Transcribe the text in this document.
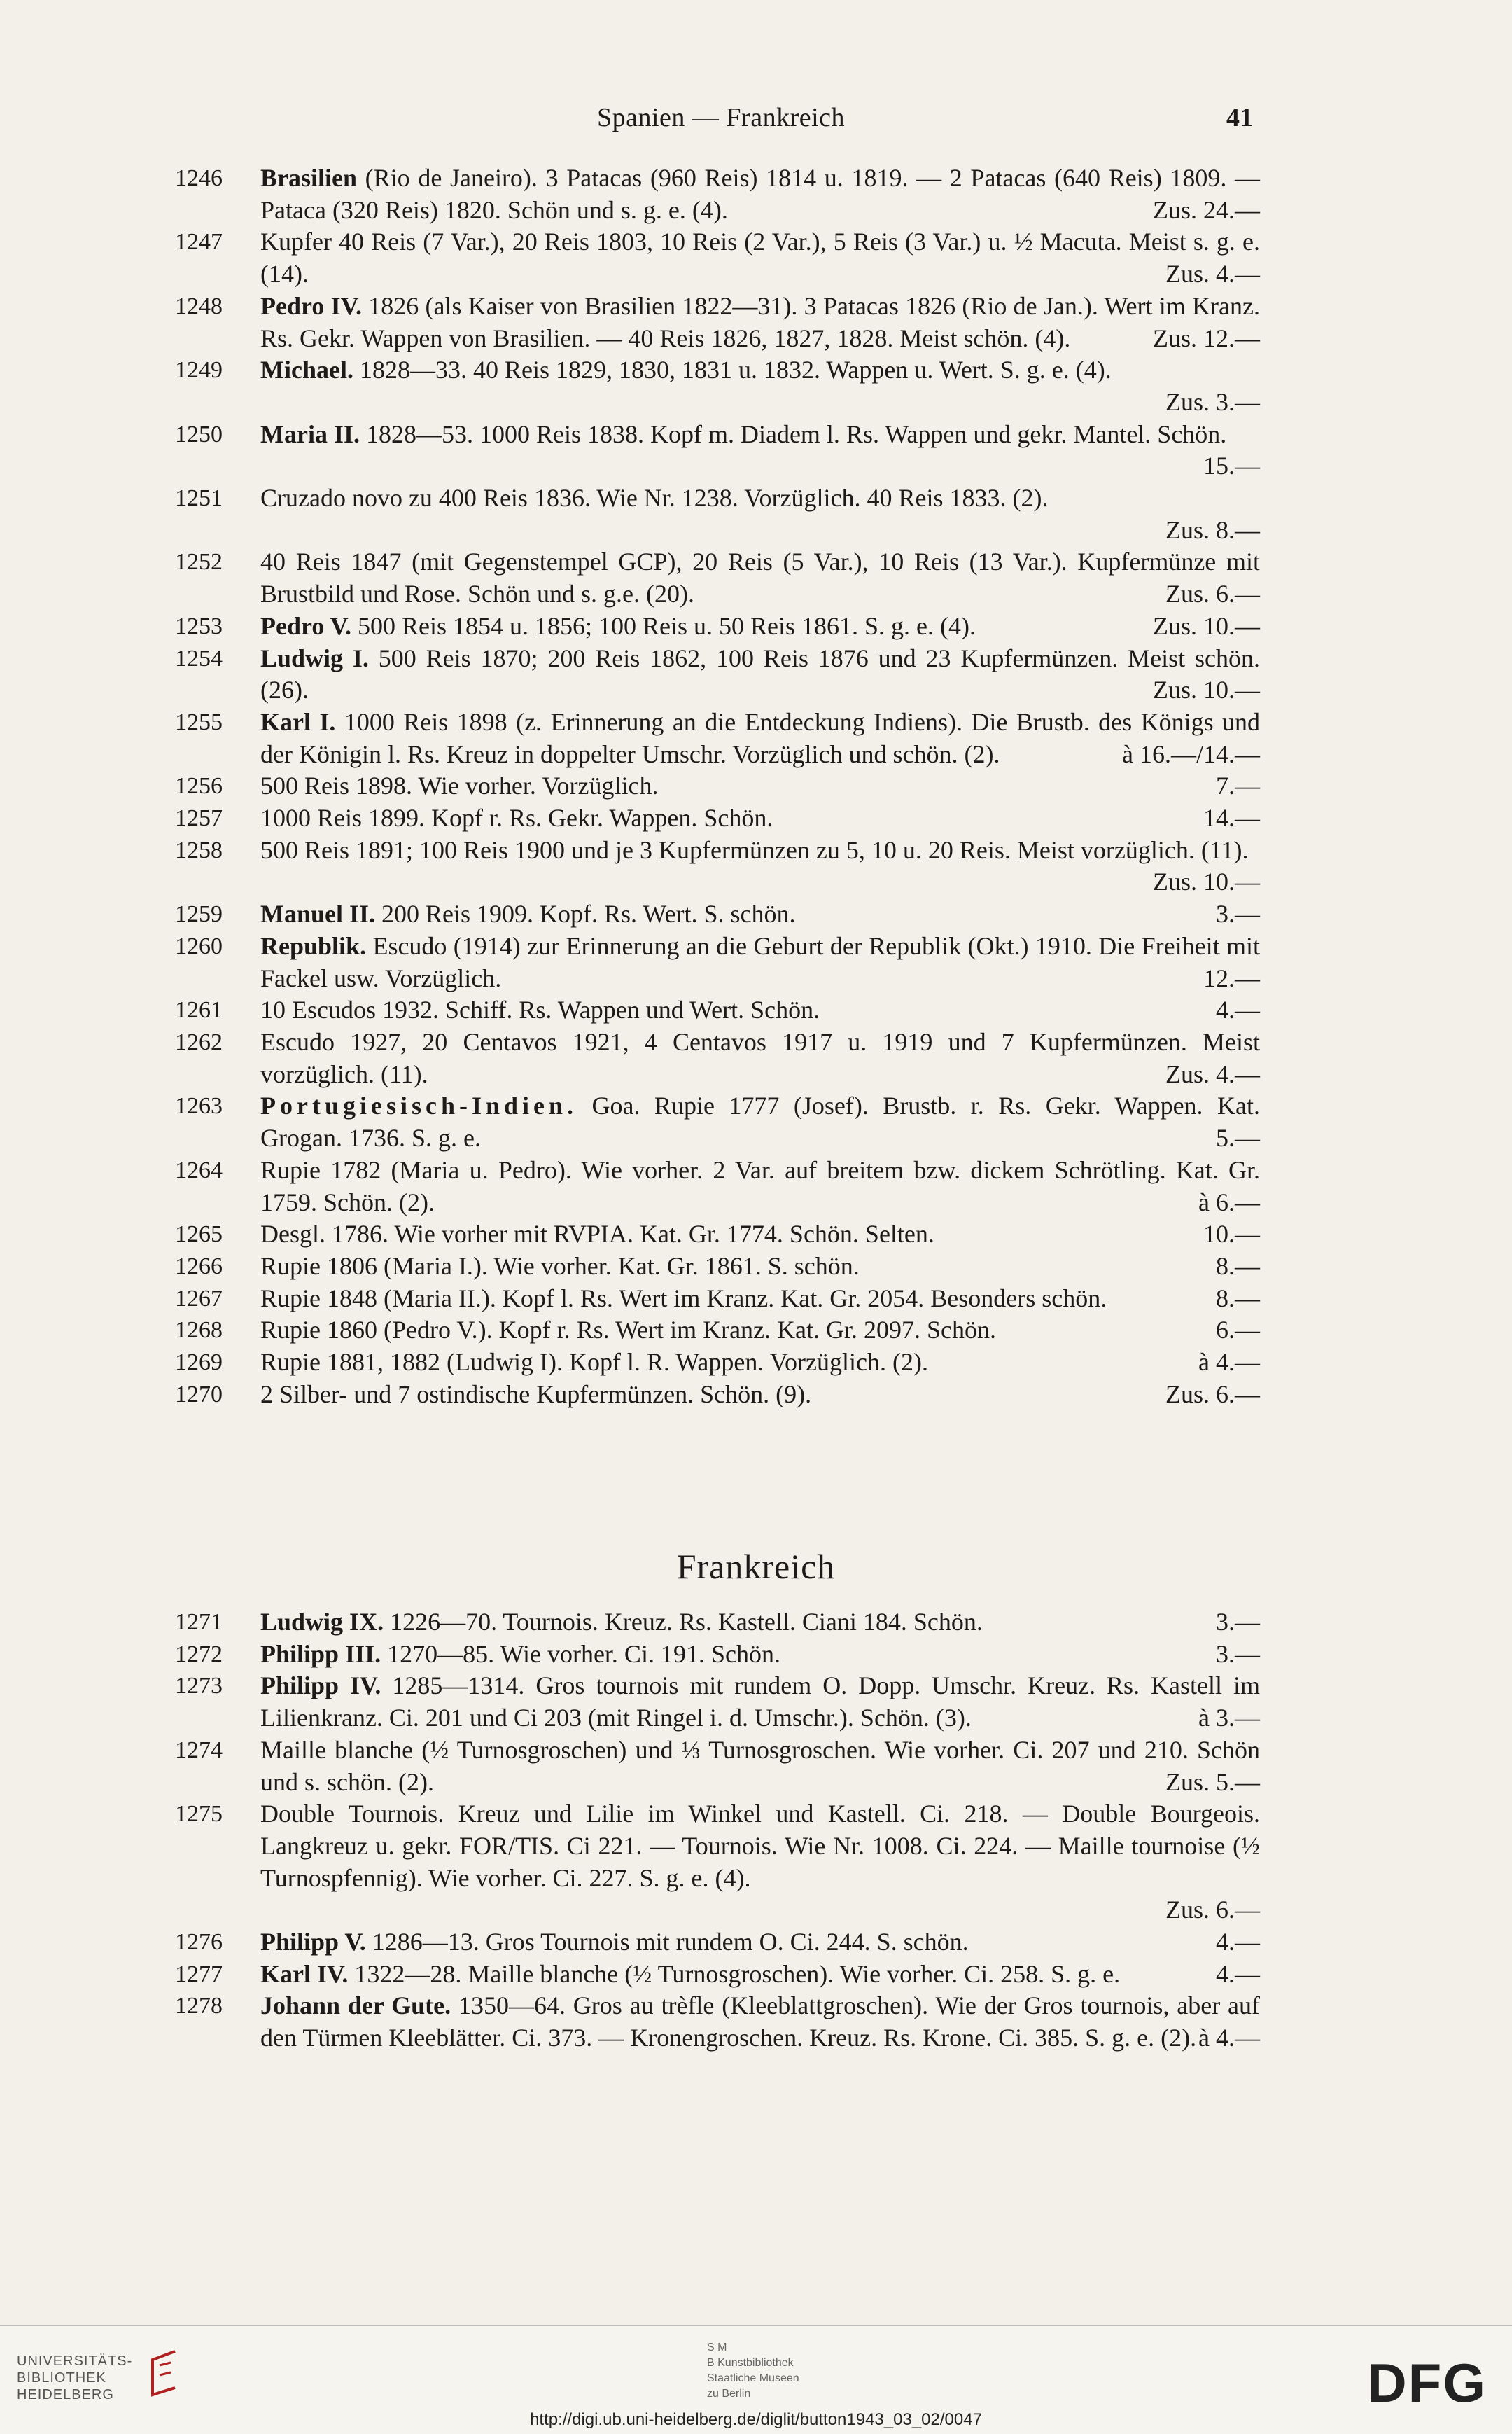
Spanien — Frankreich	41
1246 Brasilien (Rio de Janeiro). 3 Patacas (960 Reis) 1814 u. 1819. — 2 Patacas (640 Reis) 1809. — Pataca (320 Reis) 1820. Schön und s. g. e. (4).	Zus. 24.—
1247 Kupfer 40 Reis (7 Var.), 20 Reis 1803, 10 Reis (2 Var.), 5 Reis (3 Var.) u. ½ Macuta. Meist s. g. e. (14).	Zus. 4.—
1248 Pedro IV. 1826 (als Kaiser von Brasilien 1822—31). 3 Patacas 1826 (Rio de Jan.). Wert im Kranz. Rs. Gekr. Wappen von Brasilien. — 40 Reis 1826, 1827, 1828. Meist schön. (4).	Zus. 12.—
1249 Michael. 1828—33. 40 Reis 1829, 1830, 1831 u. 1832. Wappen u. Wert. S. g. e. (4).
Zus. 3.—
1250 Maria II. 1828—53. 1000 Reis 1838. Kopf m. Diadem l. Rs. Wappen und gekr. Mantel. Schön.
15.—
1251 Cruzado novo zu 400 Reis 1836. Wie Nr. 1238. Vorzüglich. 40 Reis 1833. (2).
Zus. 8.—
1252 40 Reis 1847 (mit Gegenstempel GCP), 20 Reis (5 Var.), 10 Reis (13 Var.). Kupfermünze mit Brustbild und Rose. Schön und s. g.e. (20).	Zus. 6.—
1253 Pedro V. 500 Reis 1854 u. 1856; 100 Reis u. 50 Reis 1861. S. g. e. (4).	Zus. 10.—
1254 Ludwig I. 500 Reis 1870; 200 Reis 1862, 100 Reis 1876 und 23 Kupfermünzen. Meist schön. (26).	Zus. 10.—
1255 Karl I. 1000 Reis 1898 (z. Erinnerung an die Entdeckung Indiens). Die Brustb. des Königs und der Königin l. Rs. Kreuz in doppelter Umschr. Vorzüglich und schön. (2).	à 16.—/14.—
1256 500 Reis 1898. Wie vorher. Vorzüglich.	7.—
1257 1000 Reis 1899. Kopf r. Rs. Gekr. Wappen. Schön.	14.—
1258 500 Reis 1891; 100 Reis 1900 und je 3 Kupfermünzen zu 5, 10 u. 20 Reis. Meist vorzüglich. (11).
Zus. 10.—
1259 Manuel II. 200 Reis 1909. Kopf. Rs. Wert. S. schön.	3.—
1260 Republik. Escudo (1914) zur Erinnerung an die Geburt der Republik (Okt.) 1910. Die Freiheit mit Fackel usw. Vorzüglich.	12.—
1261 10 Escudos 1932. Schiff. Rs. Wappen und Wert. Schön.	4.—
1262 Escudo 1927, 20 Centavos 1921, 4 Centavos 1917 u. 1919 und 7 Kupfermünzen. Meist vorzüglich. (11).	Zus. 4.—
1263 Portugiesisch-Indien. Goa. Rupie 1777 (Josef). Brustb. r. Rs. Gekr. Wappen. Kat. Grogan. 1736. S. g. e.	5.—
1264 Rupie 1782 (Maria u. Pedro). Wie vorher. 2 Var. auf breitem bzw. dickem Schrötling. Kat. Gr. 1759. Schön. (2).	à 6.—
1265 Desgl. 1786. Wie vorher mit RVPIA. Kat. Gr. 1774. Schön. Selten.	10.—
1266 Rupie 1806 (Maria I.). Wie vorher. Kat. Gr. 1861. S. schön.	8.—
1267 Rupie 1848 (Maria II.). Kopf l. Rs. Wert im Kranz. Kat. Gr. 2054. Besonders schön.	8.—
1268 Rupie 1860 (Pedro V.). Kopf r. Rs. Wert im Kranz. Kat. Gr. 2097. Schön.	6.—
1269 Rupie 1881, 1882 (Ludwig I). Kopf l. R. Wappen. Vorzüglich. (2).	à 4.—
1270 2 Silber- und 7 ostindische Kupfermünzen. Schön. (9).	Zus. 6.—
Frankreich
1271 Ludwig IX. 1226—70. Tournois. Kreuz. Rs. Kastell. Ciani 184. Schön.	3.—
1272 Philipp III. 1270—85. Wie vorher. Ci. 191. Schön.	3.—
1273 Philipp IV. 1285—1314. Gros tournois mit rundem O. Dopp. Umschr. Kreuz. Rs. Kastell im Lilienkranz. Ci. 201 und Ci 203 (mit Ringel i. d. Umschr.). Schön. (3).	à 3.—
1274 Maille blanche (½ Turnosgroschen) und ⅓ Turnosgroschen. Wie vorher. Ci. 207 und 210. Schön und s. schön. (2).	Zus. 5.—
1275 Double Tournois. Kreuz und Lilie im Winkel und Kastell. Ci. 218. — Double Bourgeois. Langkreuz u. gekr. FOR/TIS. Ci 221. — Tournois. Wie Nr. 1008. Ci. 224. — Maille tournoise (½ Turnospfennig). Wie vorher. Ci. 227. S. g. e. (4).
Zus. 6.—
1276 Philipp V. 1286—13. Gros Tournois mit rundem O. Ci. 244. S. schön.	4.—
1277 Karl IV. 1322—28. Maille blanche (½ Turnosgroschen). Wie vorher. Ci. 258. S. g. e.	4.—
1278 Johann der Gute. 1350—64. Gros au trèfle (Kleeblattgroschen). Wie der Gros tournois, aber auf den Türmen Kleeblätter. Ci. 373. — Kronengroschen. Kreuz. Rs. Krone. Ci. 385. S. g. e. (2). à 4.—
UNIVERSITÄTS-
BIBLIOTHEK
HEIDELBERG
S M
B Kunstbibliothek
Staatliche Museen
zu Berlin	DFG
http://digi.ub.uni-heidelberg.de/diglit/button1943_03_02/0047
